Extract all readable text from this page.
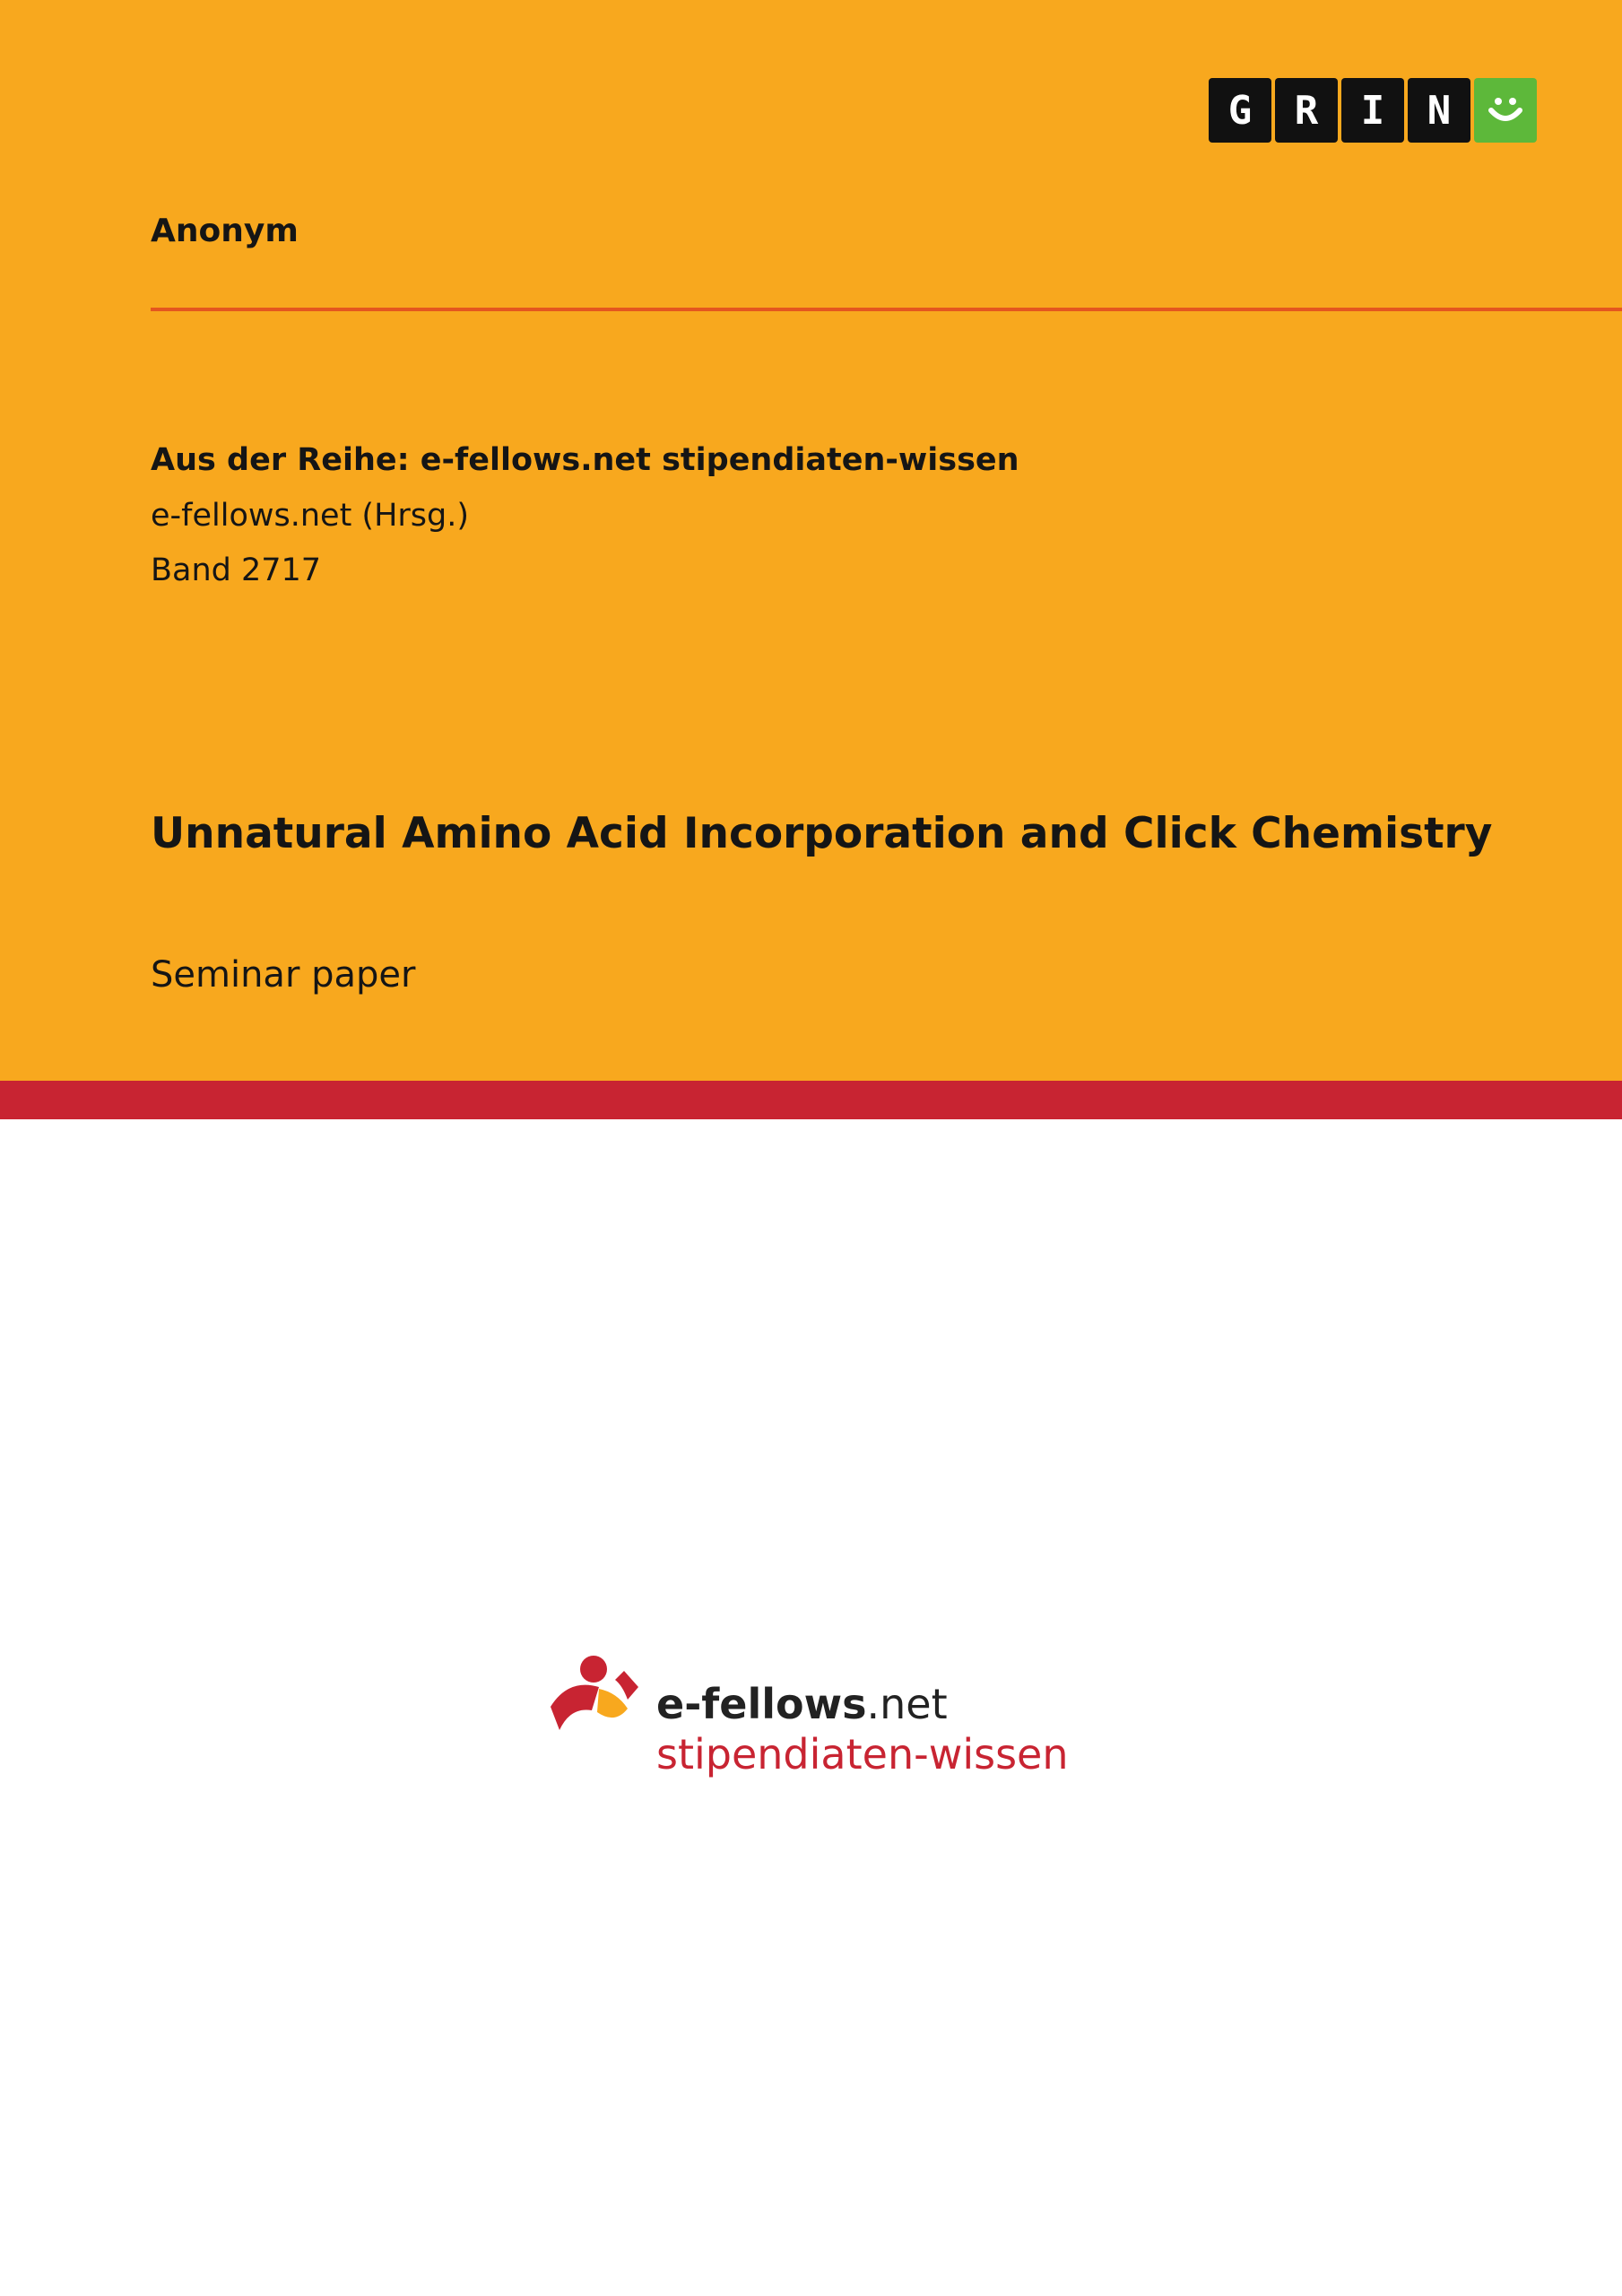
G	R	I	N
Anonym
Aus der Reihe: e-fellows.net stipendiaten-wissen
e-fellows.net (Hrsg.)
Band 2717
Unnatural Amino Acid Incorporation and Click Chemistry
Seminar paper
e-fellows.net
stipendiaten-wissen
